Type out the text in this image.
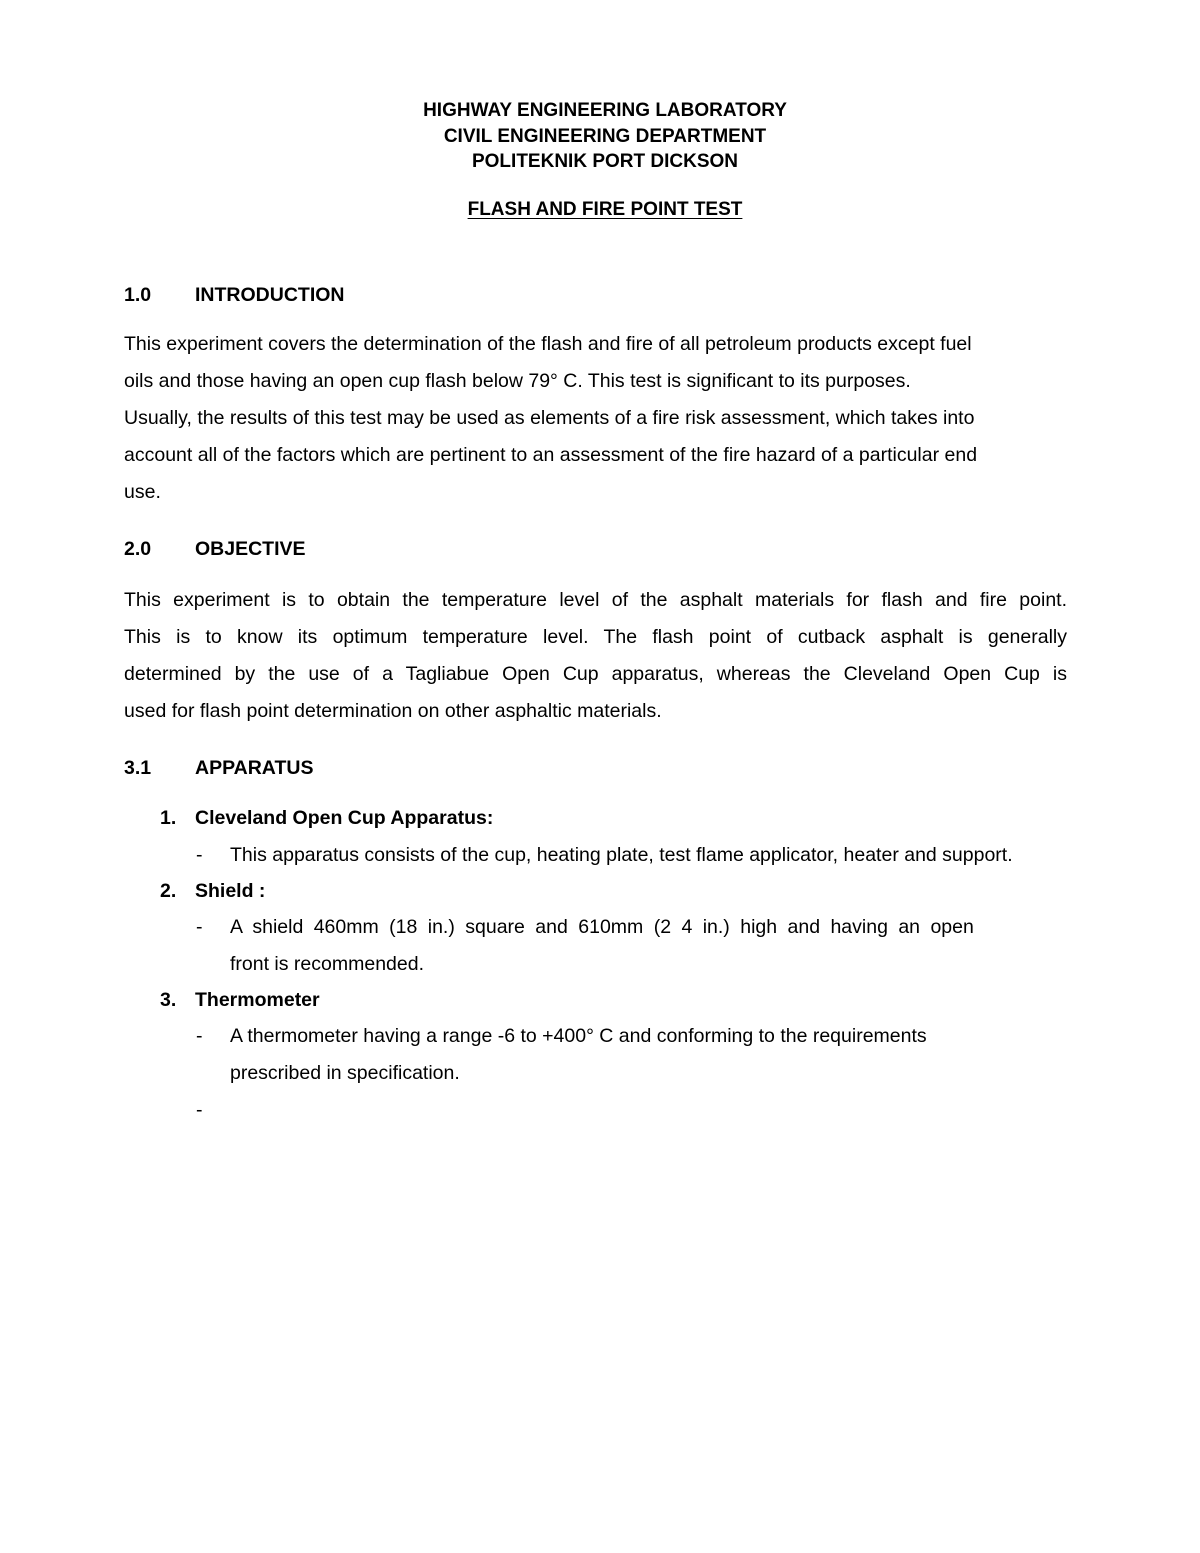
HIGHWAY ENGINEERING LABORATORY
CIVIL ENGINEERING DEPARTMENT
POLITEKNIK PORT DICKSON
FLASH AND FIRE POINT TEST
1.0 INTRODUCTION
This experiment covers the determination of the flash and fire of all petroleum products except fuel
oils and those having an open cup flash below 79° C. This test is significant to its purposes.
Usually, the results of this test may be used as elements of a fire risk assessment, which takes into
account all of the factors which are pertinent to an assessment of the fire hazard of a particular end
use.
2.0 OBJECTIVE
This experiment is to obtain the temperature level of the asphalt materials for flash and fire point.
This is to know its optimum temperature level. The flash point of cutback asphalt is generally
determined by the use of a Tagliabue Open Cup apparatus, whereas the Cleveland Open Cup is
used for flash point determination on other asphaltic materials.
3.1 APPARATUS
1. Cleveland Open Cup Apparatus:
- This apparatus consists of the cup, heating plate, test flame applicator, heater and support.
2. Shield :
- A shield 460mm (18 in.) square and 610mm (2 4 in.) high and having an open
front is recommended.
3. Thermometer
- A thermometer having a range -6 to +400° C and conforming to the requirements
prescribed in specification.
-
